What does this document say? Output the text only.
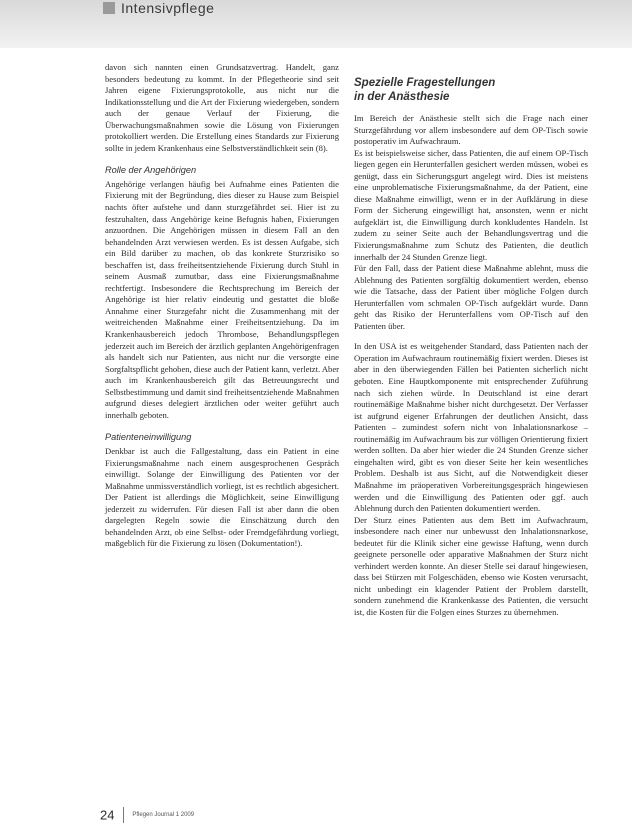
Intensivpflege

davon sich nannten einen Grundsatzvertrag. Handelt, ganz besonders bedeutung zu kommt. In der Pflegetheorie sind seit Jahren eigene Fixierungsprotokolle, aus nicht nur die Indikationsstellung und die Art der Fixierung wiedergeben, sondern auch der genaue Verlauf der Fixierung, die Überwachungsmaßnahmen sowie die Lösung von Fixierungen protokolliert werden. Die Erstellung eines Standards zur Fixierung sollte in jedem Krankenhaus eine Selbstverständlichkeit sein (8).

Rolle der Angehörigen

Angehörige verlangen häufig bei Aufnahme eines Patienten die Fixierung mit der Begründung, dies dieser zu Hause zum Beispiel nachts öfter aufstehe und dann sturzgefährdet sei. Hier ist zu festzuhalten, dass Angehörige keine Befugnis haben, Fixierungen anzuordnen. Die Angehörigen müssen in diesem Fall an den behandelnden Arzt verwiesen werden. Es ist dessen Aufgabe, sich ein Bild darüber zu machen, ob das konkrete Sturzrisiko so beschaffen ist, dass freiheitsentziehende Fixierung durch Stuhl in seinem Ausmaß zumutbar, dass eine Fixierungsmaßnahme rechtfertigt. Insbesondere die Rechtsprechung im Bereich der Angehörige ist hier relativ eindeutig und gestattet die bloße Annahme einer Sturzgefahr nicht die Zusammenhang mit der weitreichenden Maßnahme einer Freiheitsentziehung. Da im Krankenhausbereich jedoch Thrombose, Behandlungspflegen jederzeit auch im Bereich der ärztlich geplanten Angehörigenfragen als handelt sich nur Patienten, aus nicht nur die versorgte eine Sorgfaltspflicht gehoben, diese auch der Patient kann, verletzt. Aber auch im Krankenhausbereich gilt das Betreuungsrecht und Selbstbestimmung und damit sind freiheitsentziehende Maßnahmen aufgrund dieses delegiert ärztlichen oder weiter geführt auch innerhalb geboten.

Patienteneinwilligung

Denkbar ist auch die Fallgestaltung, dass ein Patient in eine Fixierungsmaßnahme nach einem ausgesprochenen Gespräch einwilligt. Solange der Einwilligung des Patienten vor der Maßnahme unmissverständlich vorliegt, ist es rechtlich abgesichert. Der Patient ist allerdings die Möglichkeit, seine Einwilligung jederzeit zu widerrufen. Für diesen Fall ist aber dann die oben dargelegten Regeln sowie die Einschätzung durch den behandelnden Arzt, ob eine Selbst- oder Fremdgefährdung vorliegt, maßgeblich für die Fixierung zu lösen (Dokumentation!).

Spezielle Fragestellungen
in der Anästhesie

Im Bereich der Anästhesie stellt sich die Frage nach einer Sturzgefährdung vor allem insbesondere auf dem OP-Tisch sowie postoperativ im Aufwachraum.

Es ist beispielsweise sicher, dass Patienten, die auf einem OP-Tisch liegen gegen ein Herunterfallen gesichert werden müssen, wobei es genügt, dass ein Sicherungsgurt angelegt wird. Dies ist meistens eine unproblematische Fixierungsmaßnahme, da der Patient, eine diese Maßnahme einwilligt, wenn er in der Aufklärung in diese Form der Sicherung eingewilligt hat, ansonsten, wenn er nicht aufgeklärt ist, die Einwilligung durch konkludentes Handeln. Ist zudem zu seiner Seite auch der Behandlungsvertrag und die Fixierungsmaßnahme zum Schutz des Patienten, die deutlich innerhalb der 24 Stunden Grenze liegt.

Für den Fall, dass der Patient diese Maßnahme ablehnt, muss die Ablehnung des Patienten sorgfältig dokumentiert werden, ebenso wie die Tatsache, dass der Patient über mögliche Folgen durch Herunterfallen vom schmalen OP-Tisch aufgeklärt wurde. Dann geht das Risiko der Herunterfallens vom OP-Tisch auf den Patienten über.

In den USA ist es weitgehender Standard, dass Patienten nach der Operation im Aufwachraum routinemäßig fixiert werden. Dieses ist aber in den überwiegenden Fällen bei Patienten sicherlich nicht geboten. Eine Hauptkomponente mit entsprechender Zuführung nach sich ziehen würde. In Deutschland ist eine derart routinemäßige Maßnahme bisher nicht durchgesetzt. Der Verfasser ist aufgrund eigener Erfahrungen der deutlichen Ansicht, dass Patienten – zumindest sofern nicht von Inhalationsnarkose – routinemäßig im Aufwachraum bis zur völligen Orientierung fixiert werden sollten. Da aber hier wieder die 24 Stunden Grenze sicher eingehalten wird, gibt es von dieser Seite her kein wesentliches Problem. Deshalb ist aus Sicht, auf die Notwendigkeit dieser Maßnahme im präoperativen Vorbereitungsgespräch hingewiesen werden und die Einwilligung des Patienten oder ggf. auch Ablehnung durch den Patienten dokumentiert werden.

Der Sturz eines Patienten aus dem Bett im Aufwachraum, insbesondere nach einer nur unbewusst den Inhalationsnarkose, bedeutet für die Klinik sicher eine gewisse Haftung, wenn durch geeignete personelle oder apparative Maßnahmen der Sturz nicht verhindert werden konnte. An dieser Stelle sei darauf hingewiesen, dass bei Stürzen mit Folgeschäden, ebenso wie Kosten verursacht, nicht unbedingt ein klagender Patient der Problem darstellt, sondern zunehmend die Krankenkasse des Patienten, die versucht ist, die Kosten für die Folgen eines Sturzes zu übernehmen.

24	Pflegen Journal 1 2009
